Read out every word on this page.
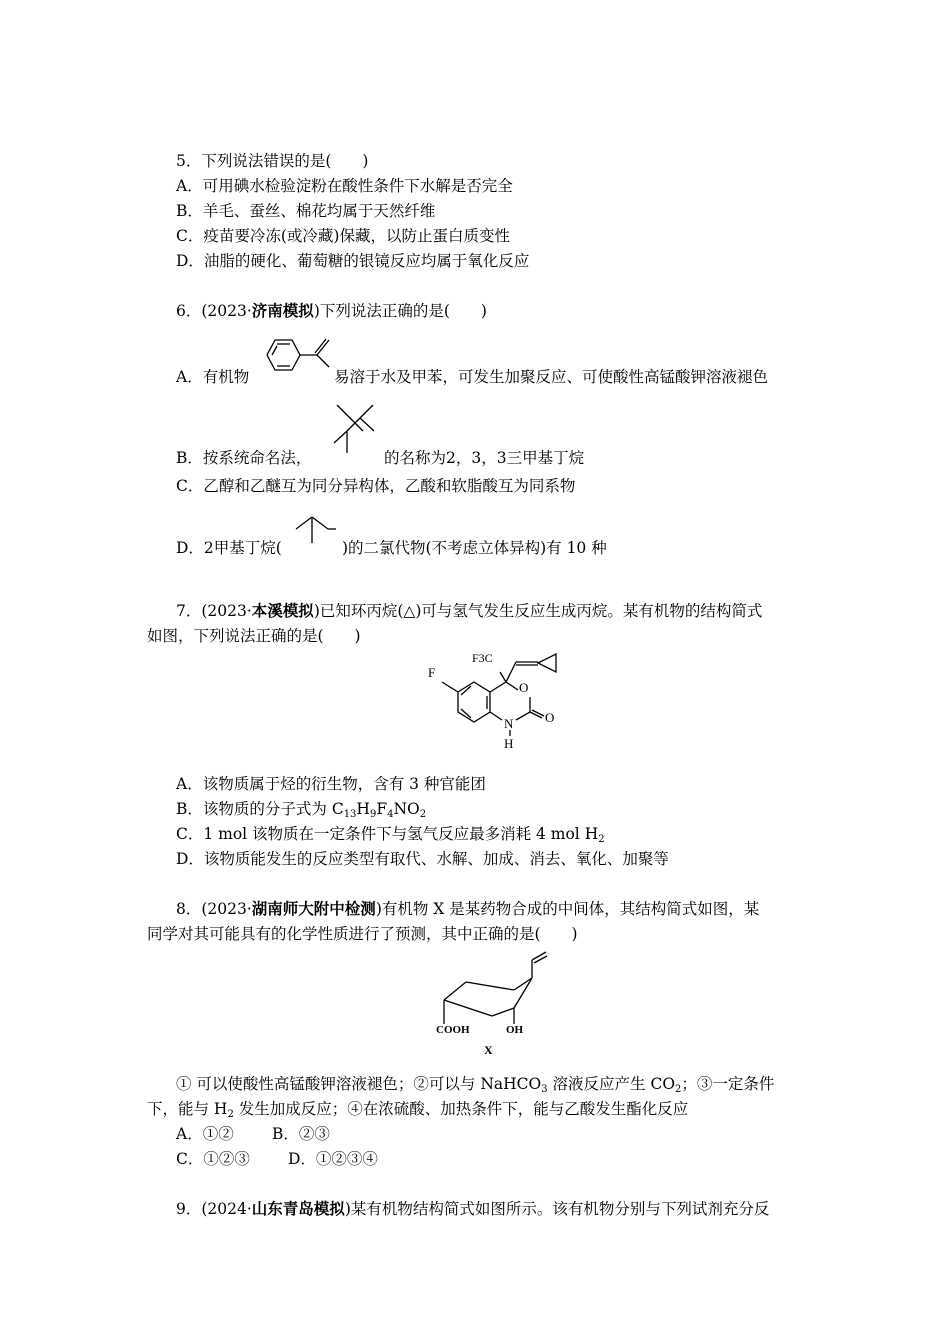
5．下列说法错误的是(　　)
A．可用碘水检验淀粉在酸性条件下水解是否完全
B．羊毛、蚕丝、棉花均属于天然纤维
C．疫苗要冷冻(或冷藏)保藏，以防止蛋白质变性
D．油脂的硬化、葡萄糖的银镜反应均属于氧化反应
6．(2023·济南模拟)下列说法正确的是(　　)
A．有机物	易溶于水及甲苯，可发生加聚反应、可使酸性高锰酸钾溶液褪色
B．按系统命名法，	的名称为2，3，3三甲基丁烷
C．乙醇和乙醚互为同分异构体，乙酸和软脂酸互为同系物
D．2甲基丁烷(	)的二氯代物(不考虑立体异构)有 10 种
7．(2023·本溪模拟)已知环丙烷(△)可与氢气发生反应生成丙烷。某有机物的结构简式
如图，下列说法正确的是(　　)
F
F3C
O
N
H
O
A．该物质属于烃的衍生物，含有 3 种官能团
B．该物质的分子式为 $C_{13}H_9F_4NO_2$
C．1 mol 该物质在一定条件下与氢气反应最多消耗 4 mol $H_2$
D．该物质能发生的反应类型有取代、水解、加成、消去、氧化、加聚等
8．(2023·湖南师大附中检测)有机物 X 是某药物合成的中间体，其结构简式如图，某
同学对其可能具有的化学性质进行了预测，其中正确的是(　　)
COOH	OH
X
① 可以使酸性高锰酸钾溶液褪色；②可以与 NaHCO$_3$ 溶液反应产生 $CO_2$；③一定条件
下，能与 $H_2$ 发生加成反应；④在浓硫酸、加热条件下，能与乙酸发生酯化反应
A．①② B．②③
C．①②③ D．①②③④
9．(2024·山东青岛模拟)某有机物结构简式如图所示。该有机物分别与下列试剂充分反
